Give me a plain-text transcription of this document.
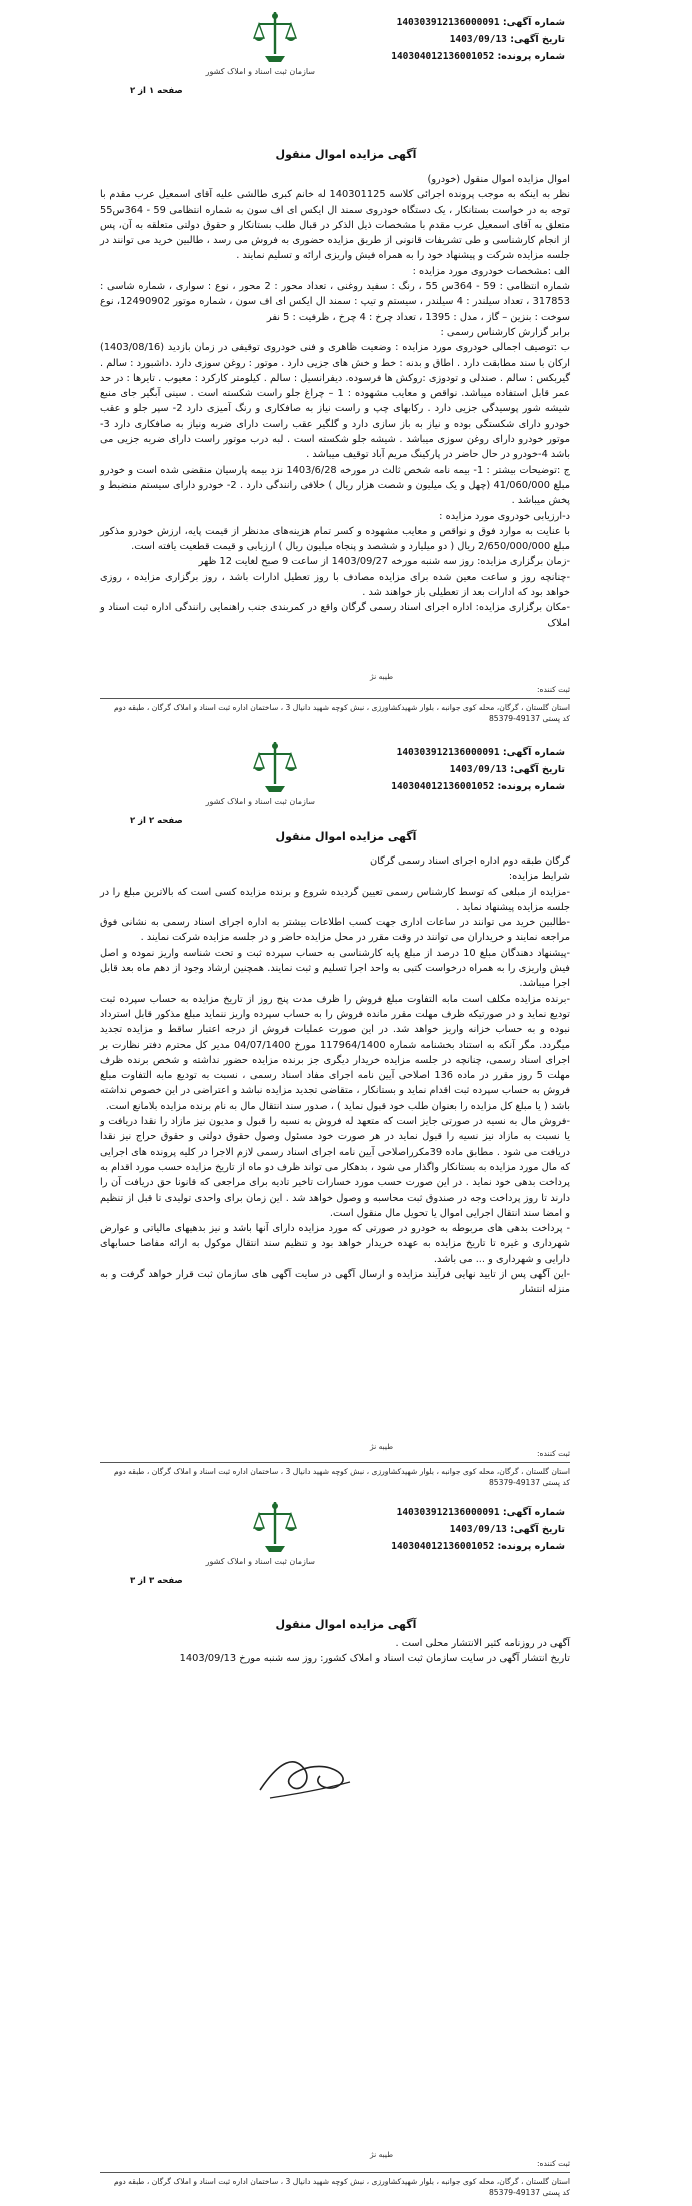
شماره آگهی: 140303912136000091
تاریخ آگهی: 1403/09/13
شماره پرونده: 140304012136001052
سازمان ثبت اسناد و املاک کشور
صفحه ۱ از ۲
آگهی مزایده اموال منقول

اموال مزایده اموال منقول (خودرو)

نظر به اینکه به موجب پرونده اجرائی کلاسه 140301125 له خانم کبری طالشی علیه آقای اسمعیل عرب مقدم با توجه به در خواست بستانکار ، یک دستگاه خودروی سمند ال ایکس ای اف سون به شماره انتظامی 59 - 364س55 متعلق به آقای اسمعیل عرب مقدم با مشخصات ذیل الذکر در قبال طلب بستانکار و حقوق دولتی متعلقه به آن، پس از انجام کارشناسی و طی تشریفات قانونی از طریق مزایده حضوری به فروش می رسد ، طالبین خرید می توانند در جلسه مزایده شرکت و پیشنهاد خود را به همراه فیش واریزی ارائه و تسلیم نمایند .

الف :مشخصات خودروی مورد مزایده :

شماره انتظامی : 59 - 364س 55 ، رنگ : سفید روغنی ، تعداد محور : 2 محور ، نوع : سواری ، شماره شاسی : 317853 ، تعداد سیلندر : 4 سیلندر ، سیستم و تیپ : سمند ال ایکس ای اف سون ، شماره موتور 12490902، نوع سوخت : بنزین – گاز ، مدل : 1395 ، تعداد چرخ : 4 چرخ ، ظرفیت : 5 نفر

برابر گزارش کارشناس رسمی :

ب :توصیف اجمالی خودروی مورد مزایده : وضعیت ظاهری و فنی خودروی توقیفی در زمان بازدید (1403/08/16) ارکان با سند مطابقت دارد . اطاق و بدنه : خط و خش های جزیی دارد . موتور : روغن سوزی دارد .داشبورد : سالم . گیربکس : سالم . صندلی و تودوزی :روکش ها فرسوده. دیفرانسیل : سالم . کیلومتر کارکرد : معیوب . تایرها : در حد عمر قابل استفاده میباشد. نواقص و معایب مشهوده : 1 – چراغ جلو راست شکسته است . سینی آبگیر جای منبع شیشه شور پوسیدگی جزیی دارد . رکابهای چپ و راست نیاز به صافکاری و رنگ آمیزی دارد 2- سپر جلو و عقب خودرو دارای شکستگی بوده و نیاز به باز سازی دارد و گلگیر عقب راست دارای ضربه ونیاز به صافکاری دارد 3- موتور خودرو دارای روغن سوزی میباشد . شیشه جلو شکسته است . لبه درب موتور راست دارای ضربه جزیی می باشد 4-خودرو در حال حاضر در پارکینگ مریم آباد توقیف میباشد .

ج :توضیحات بیشتر : 1- بیمه نامه شخص ثالث در مورخه 1403/6/28 نزد بیمه پارسیان منقضی شده است و خودرو مبلغ 41/060/000 (چهل و یک میلیون و شصت هزار ریال ) خلافی رانندگی دارد . 2- خودرو دارای سیستم منضبط و پخش میباشد .

د-ارزیابی خودروی مورد مزایده :

با عنایت به موارد فوق و نواقص و معایب مشهوده و کسر تمام هزینه‌های مدنظر از قیمت پایه، ارزش خودرو مذکور مبلغ 2/650/000/000 ریال ( دو میلیارد و ششصد و پنجاه میلیون ریال ) ارزیابی و قیمت قطعیت یافته است.

-زمان برگزاری مزایده: روز سه شنبه مورخه 1403/09/27 از ساعت 9 صبح لغایت 12 ظهر

-چنانچه روز و ساعت معین شده برای مزایده مصادف با روز تعطیل ادارات باشد ، روز برگزاری مزایده ، روزی خواهد بود که ادارات بعد از تعطیلی باز خواهند شد .

-مکان برگزاری مزایده: اداره اجرای اسناد رسمی گرگان واقع در کمربندی جنب راهنمایی رانندگی اداره ثبت اسناد و املاک

طیبه نژ
ثبت کننده:
استان گلستان ، گرگان، محله کوی جوانبه ، بلوار شهیدکشاورزی ، نبش کوچه شهید دانیال 3 ، ساختمان اداره ثبت اسناد و املاک گرگان ، طبقه دوم
کد پستی 49137-85379
شماره آگهی: 140303912136000091
تاریخ آگهی: 1403/09/13
شماره پرونده: 140304012136001052
سازمان ثبت اسناد و املاک کشور
صفحه ۲ از ۲
آگهی مزایده اموال منقول

گرگان طبقه دوم اداره اجرای اسناد رسمی گرگان

شرایط مزایده:

-مزایده از مبلغی که توسط کارشناس رسمی تعیین گردیده شروع و برنده مزایده کسی است که بالاترین مبلغ را در جلسه مزایده پیشنهاد نماید .

-طالبین خرید می توانند در ساعات اداری جهت کسب اطلاعات بیشتر به اداره اجرای اسناد رسمی به نشانی فوق مراجعه نمایند و خریداران می توانند در وقت مقرر در محل مزایده حاضر و در جلسه مزایده شرکت نمایند .

-پیشنهاد دهندگان مبلغ 10 درصد از مبلغ پایه کارشناسی به حساب سپرده ثبت و تحت شناسه واریز نموده و اصل فیش واریزی را به همراه درخواست کتبی به واحد اجرا تسلیم و ثبت نمایند. همچنین ارشاد وجود از دهم ماه بعد قابل اجرا میباشد.

-برنده مزایده مکلف است مابه التفاوت مبلغ فروش را ظرف مدت پنج روز از تاریخ مزایده به حساب سپرده ثبت تودیع نماید و در صورتیکه ظرف مهلت مقرر مانده فروش را به حساب سپرده واریز ننماید مبلغ مذکور قابل استرداد نبوده و به حساب خزانه واریز خواهد شد. در این صورت عملیات فروش از درجه اعتبار ساقط و مزایده تجدید میگردد. مگر آنکه به استناد بخشنامه شماره 117964/1400 مورخ 04/07/1400 مدیر کل محترم دفتر نظارت بر اجرای اسناد رسمی، چنانچه در جلسه مزایده خریدار دیگری جز برنده مزایده حضور نداشته و شخص برنده ظرف مهلت 5 روز مقرر در ماده 136 اصلاحی آیین نامه اجرای مفاد اسناد رسمی ، نسبت به تودیع مابه التفاوت مبلغ فروش به حساب سپرده ثبت اقدام نماید و بستانکار ، متقاضی تجدید مزایده نباشد و اعتراضی در این خصوص نداشته باشد ( یا مبلغ کل مزایده را بعنوان طلب خود قبول نماید ) ، صدور سند انتقال مال به نام برنده مزایده بلامانع است.

-فروش مال به نسیه در صورتی جایز است که متعهد له فروش به نسیه را قبول و مدیون نیز مازاد را نقدا دریافت و یا نسبت به مازاد نیز نسیه را قبول نماید در هر صورت خود مسئول وصول حقوق دولتی و حقوق حراج نیز نقدا دریافت می شود . مطابق ماده 39مکرراصلاحی آیین نامه اجرای اسناد رسمی لازم الاجرا در کلیه پرونده های اجرایی که مال مورد مزایده به بستانکار واگذار می شود ، بدهکار می تواند ظرف دو ماه از تاریخ مزایده حسب مورد اقدام به پرداخت بدهی خود نماید . در این صورت حسب مورد خسارات تاخیر تادیه برای مراجعی که قانونا حق دریافت آن را دارند تا روز پرداخت وجه در صندوق ثبت محاسبه و وصول خواهد شد . این زمان برای واحدی تولیدی تا قبل از تنظیم و امضا سند انتقال اجرایی اموال یا تحویل مال منقول است.

- پرداخت بدهی های مربوطه به خودرو در صورتی که مورد مزایده دارای آنها باشد و نیز بدهیهای مالیاتی و عوارض شهرداری و غیره تا تاریخ مزایده به عهده خریدار خواهد بود و تنظیم سند انتقال موکول به ارائه مفاصا حسابهای دارایی و شهرداری و ... می باشد.

-این آگهی پس از تایید نهایی فرآیند مزایده و ارسال آگهی در سایت آگهی های سازمان ثبت قرار خواهد گرفت و به منزله انتشار

طیبه نژ
ثبت کننده:
استان گلستان ، گرگان، محله کوی جوانبه ، بلوار شهیدکشاورزی ، نبش کوچه شهید دانیال 3 ، ساختمان اداره ثبت اسناد و املاک گرگان ، طبقه دوم
کد پستی 49137-85379
شماره آگهی: 140303912136000091
تاریخ آگهی: 1403/09/13
شماره پرونده: 140304012136001052
سازمان ثبت اسناد و املاک کشور
صفحه ۳ از ۳
آگهی مزایده اموال منقول

آگهی در روزنامه کثیر الانتشار محلی است .

تاریخ انتشار آگهی در سایت سازمان ثبت اسناد و املاک کشور: روز سه شنبه مورخ 1403/09/13

طیبه نژ
ثبت کننده:
استان گلستان ، گرگان، محله کوی جوانبه ، بلوار شهیدکشاورزی ، نبش کوچه شهید دانیال 3 ، ساختمان اداره ثبت اسناد و املاک گرگان ، طبقه دوم
کد پستی 49137-85379
